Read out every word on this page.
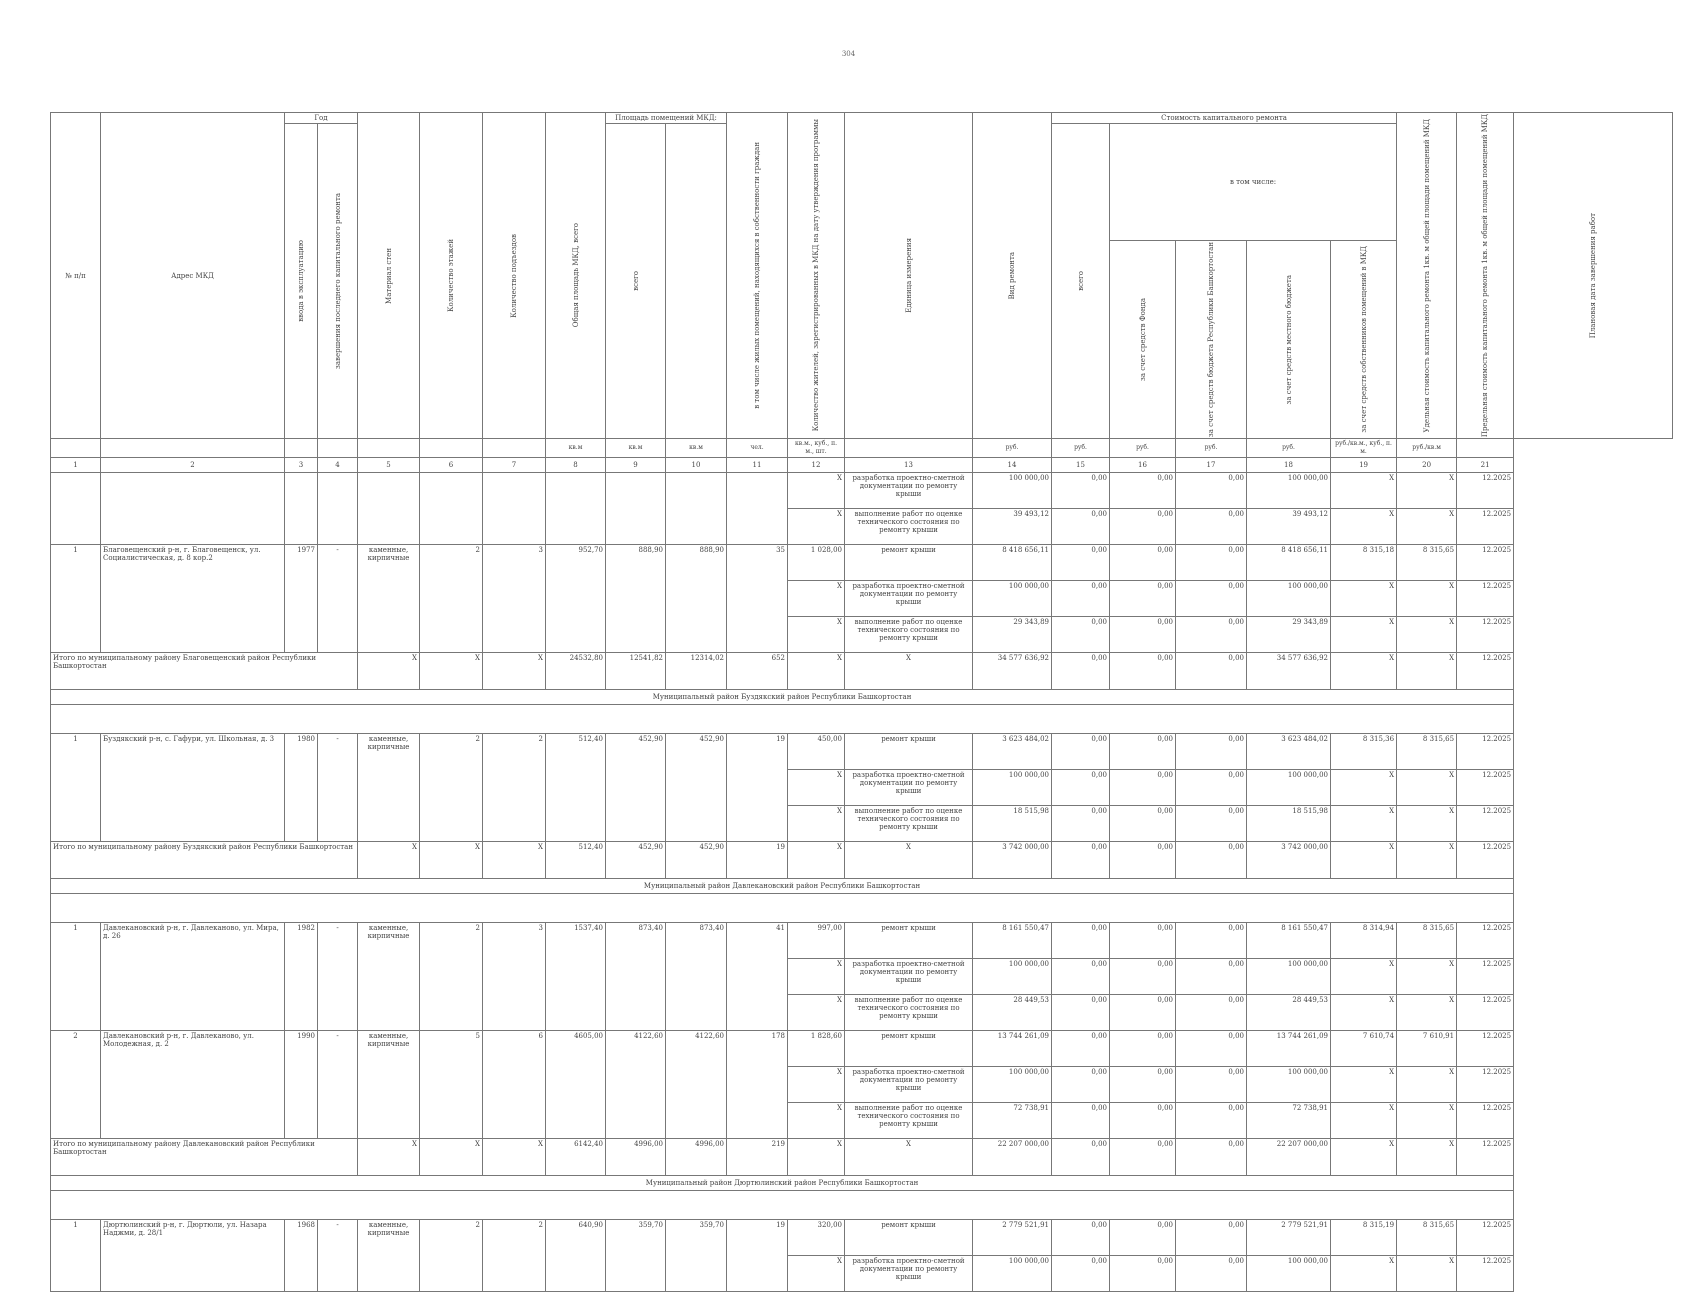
304
№ п/п	Адрес МКД	Год		Материал стен	Количество этажей	Количество подъездов	Общая площадь МКД, всего	Площадь помещений МКД:		в том числе жилых помещений, находящихся в собственности граждан	Количество жителей, зарегистрированных в МКД на дату утверждения программы	Единица измерения	Вид ремонта	Стоимость капитального ремонта					Удельная стоимость капитального ремонта 1кв. м общей площади помещений МКД	Предельная стоимость капитального ремонта 1кв. м общей площади помещений МКД	Плановая дата завершения работ

		ввода в эксплуатацию	завершения последнего капитального ремонта					всего						всего	в том числе:						

															за счет средств Фонда	за счет средств бюджета Республики Башкортостан	за счет средств местного бюджета	за счет средств собственников помещений в МКД			

							кв.м	кв.м	кв.м	чел.	кв.м., куб., п. м., шт.		руб.	руб.	руб.	руб.	руб.	руб./кв.м., куб., п. м.	руб./кв.м		
1	2	3	4	5	6	7	8	9	10	11	12	13	14	15	16	17	18	19	20	21	
											X	разработка проектно-сметной документации по ремонту крыши	100 000,00	0,00	0,00	0,00	100 000,00	X	X	12.2025	
											X	выполнение работ по оценке технического состояния по ремонту крыши	39 493,12	0,00	0,00	0,00	39 493,12	X	X	12.2025	
1	Благовещенский р-н, г. Благовещенск, ул. Социалистическая, д. 8 кор.2	1977	-	каменные, кирпичные	2	3	952,70	888,90	888,90	35	1 028,00	ремонт крыши	8 418 656,11	0,00	0,00	0,00	8 418 656,11	8 315,18	8 315,65	12.2025	
											X	разработка проектно-сметной документации по ремонту крыши	100 000,00	0,00	0,00	0,00	100 000,00	X	X	12.2025	
											X	выполнение работ по оценке технического состояния по ремонту крыши	29 343,89	0,00	0,00	0,00	29 343,89	X	X	12.2025	
Итого по муниципальному району Благовещенский район Республики Башкортостан				X	X	X	24532,80	12541,82	12314,02	652	X	X	34 577 636,92	0,00	0,00	0,00	34 577 636,92	X	X	12.2025	
Муниципальный район Буздякский район Республики Башкортостан																					

1	Буздякский р-н, с. Гафури, ул. Школьная, д. 3	1980	-	каменные, кирпичные	2	2	512,40	452,90	452,90	19	450,00	ремонт крыши	3 623 484,02	0,00	0,00	0,00	3 623 484,02	8 315,36	8 315,65	12.2025	
											X	разработка проектно-сметной документации по ремонту крыши	100 000,00	0,00	0,00	0,00	100 000,00	X	X	12.2025	
											X	выполнение работ по оценке технического состояния по ремонту крыши	18 515,98	0,00	0,00	0,00	18 515,98	X	X	12.2025	
Итого по муниципальному району Буздякский район Республики Башкортостан				X	X	X	512,40	452,90	452,90	19	X	X	3 742 000,00	0,00	0,00	0,00	3 742 000,00	X	X	12.2025	
Муниципальный район Давлекановский район Республики Башкортостан																					

1	Давлекановский р-н, г. Давлеканово, ул. Мира, д. 26	1982	-	каменные, кирпичные	2	3	1537,40	873,40	873,40	41	997,00	ремонт крыши	8 161 550,47	0,00	0,00	0,00	8 161 550,47	8 314,94	8 315,65	12.2025	
											X	разработка проектно-сметной документации по ремонту крыши	100 000,00	0,00	0,00	0,00	100 000,00	X	X	12.2025	
											X	выполнение работ по оценке технического состояния по ремонту крыши	28 449,53	0,00	0,00	0,00	28 449,53	X	X	12.2025	
2	Давлекановский р-н, г. Давлеканово, ул. Молодежная, д. 2	1990	-	каменные, кирпичные	5	6	4605,00	4122,60	4122,60	178	1 828,60	ремонт крыши	13 744 261,09	0,00	0,00	0,00	13 744 261,09	7 610,74	7 610,91	12.2025	
											X	разработка проектно-сметной документации по ремонту крыши	100 000,00	0,00	0,00	0,00	100 000,00	X	X	12.2025	
											X	выполнение работ по оценке технического состояния по ремонту крыши	72 738,91	0,00	0,00	0,00	72 738,91	X	X	12.2025	
Итого по муниципальному району Давлекановский район Республики Башкортостан				X	X	X	6142,40	4996,00	4996,00	219	X	X	22 207 000,00	0,00	0,00	0,00	22 207 000,00	X	X	12.2025	
Муниципальный район Дюртюлинский район Республики Башкортостан																					

1	Дюртюлинский р-н, г. Дюртюли, ул. Назара Наджми, д. 28/1	1968	-	каменные, кирпичные	2	2	640,90	359,70	359,70	19	320,00	ремонт крыши	2 779 521,91	0,00	0,00	0,00	2 779 521,91	8 315,19	8 315,65	12.2025	
											X	разработка проектно-сметной документации по ремонту крыши	100 000,00	0,00	0,00	0,00	100 000,00	X	X	12.2025	
